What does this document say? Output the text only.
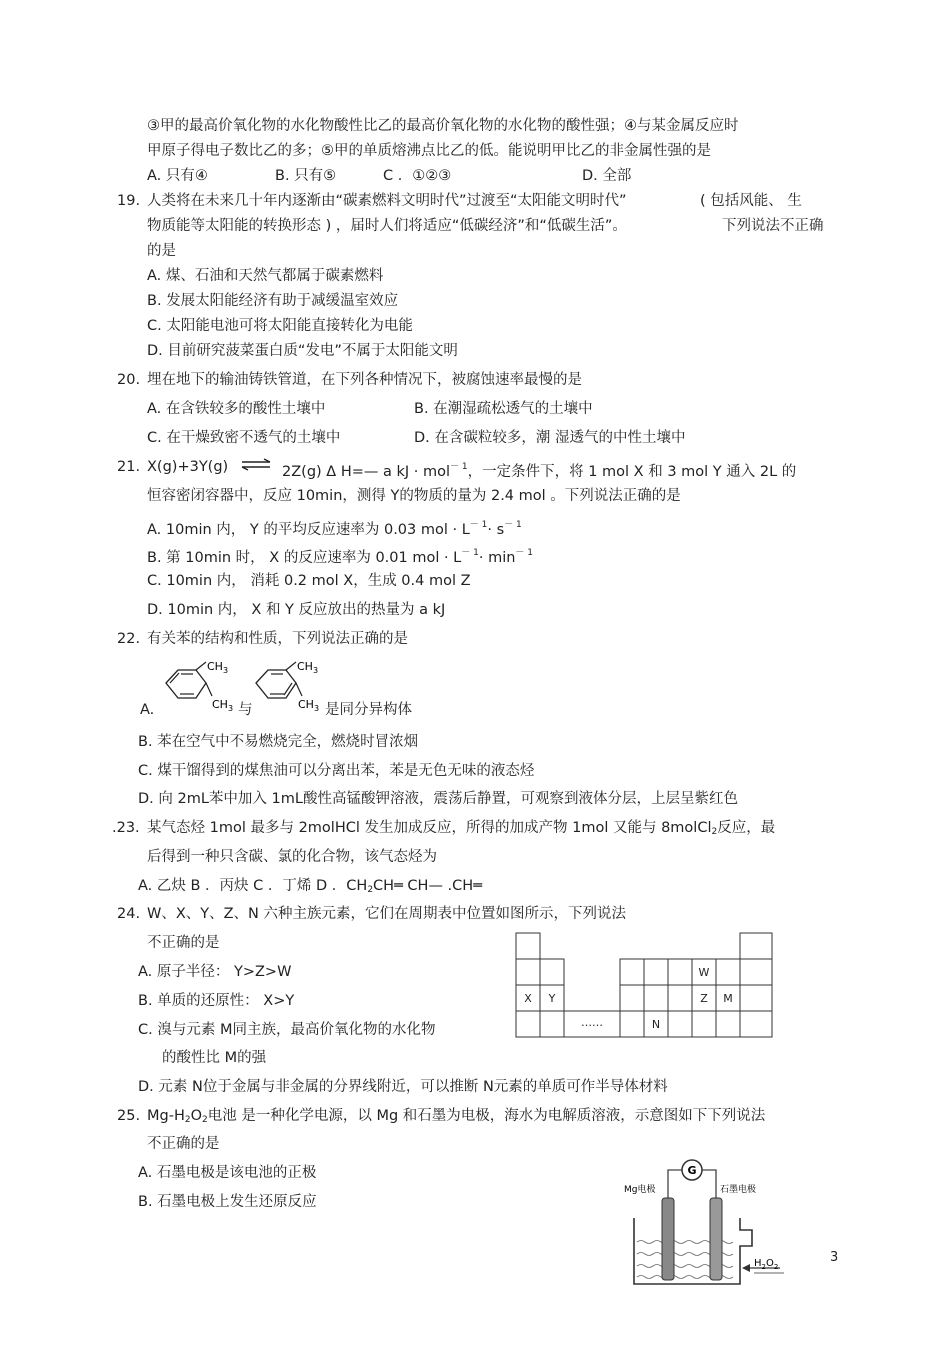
③甲的最高价氧化物的水化物酸性比乙的最高价氧化物的水化物的酸性强；④与某金属反应时
甲原子得电子数比乙的多；⑤甲的单质熔沸点比乙的低。能说明甲比乙的非金属性强的是
A. 只有④	B. 只有⑤	C ．①②③	D. 全部
19. 人类将在未来几十年内逐渐由“碳素燃料文明时代”过渡至“太阳能文明时代”	( 包括风能、 生
物质能等太阳能的转换形态 ) ，届时人们将适应“低碳经济”和“低碳生活”。	下列说法不正确
的是
A. 煤、石油和天然气都属于碳素燃料
B. 发展太阳能经济有助于减缓温室效应
C. 太阳能电池可将太阳能直接转化为电能
D. 目前研究菠菜蛋白质“发电”不属于太阳能文明
20. 埋在地下的输油铸铁管道，在下列各种情况下，被腐蚀速率最慢的是
A. 在含铁较多的酸性土壤中	B. 在潮湿疏松透气的土壤中
C. 在干燥致密不透气的土壤中	D. 在含碳粒较多，潮 湿透气的中性土壤中
21. X(g)+3Y(g) ⇌ 2Z(g) Δ H=— a kJ · mol$^{- 1}$，一定条件下，将 1 mol X 和 3 mol Y 通入 2L 的
恒容密闭容器中，反应 10min，测得 Y的物质的量为 2.4 mol 。下列说法正确的是
A. 10min 内， Y 的平均反应速率为 0.03 mol · $L^{- 1}\cdot s^{- 1}$
B. 第 10min 时， X 的反应速率为 0.01 mol · $L^{- 1}\cdot \min^{- 1}$
C. 10min 内， 消耗 0.2 mol X，生成 0.4 mol Z
D. 10min 内， X 和 Y 反应放出的热量为 a kJ
22. 有关苯的结构和性质，下列说法正确的是
A.
$CH_3$
$CH_3$ 与
$CH_3$
$CH_3$ 是同分异构体
B. 苯在空气中不易燃烧完全，燃烧时冒浓烟
C. 煤干馏得到的煤焦油可以分离出苯，苯是无色无味的液态烃
D. 向 2mL苯中加入 1mL酸性高锰酸钾溶液，震荡后静置，可观察到液体分层，上层呈紫红色
.23. 某气态烃 1mol 最多与 2molHCl 发生加成反应，所得的加成产物 1mol 又能与 8molCl$_2$反应，最
后得到一种只含碳、氯的化合物，该气态烃为
A. 乙炔 B ．丙炔 C ．丁烯 D ．$CH_2CH═$ CH— .CH═
24. W、X、Y、Z、N 六种主族元素，它们在周期表中位置如图所示，下列说法
不正确的是
A. 原子半径： Y>Z>W
B. 单质的还原性： X>Y
C. 溴与元素 M同主族，最高价氧化物的水化物
的酸性比 M的强
D. 元素 N位于金属与非金属的分界线附近，可以推断 N元素的单质可作半导体材料
W
X Y	Z M
N
……
25. $Mg-H_2O_2$电池 是一种化学电源，以 Mg 和石墨为电极，海水为电解质溶液，示意图如下下列说法
不正确的是
A. 石墨电极是该电池的正极
B. 石墨电极上发生还原反应
G
Mg电极	石墨电极
$H_2O_2$
3
